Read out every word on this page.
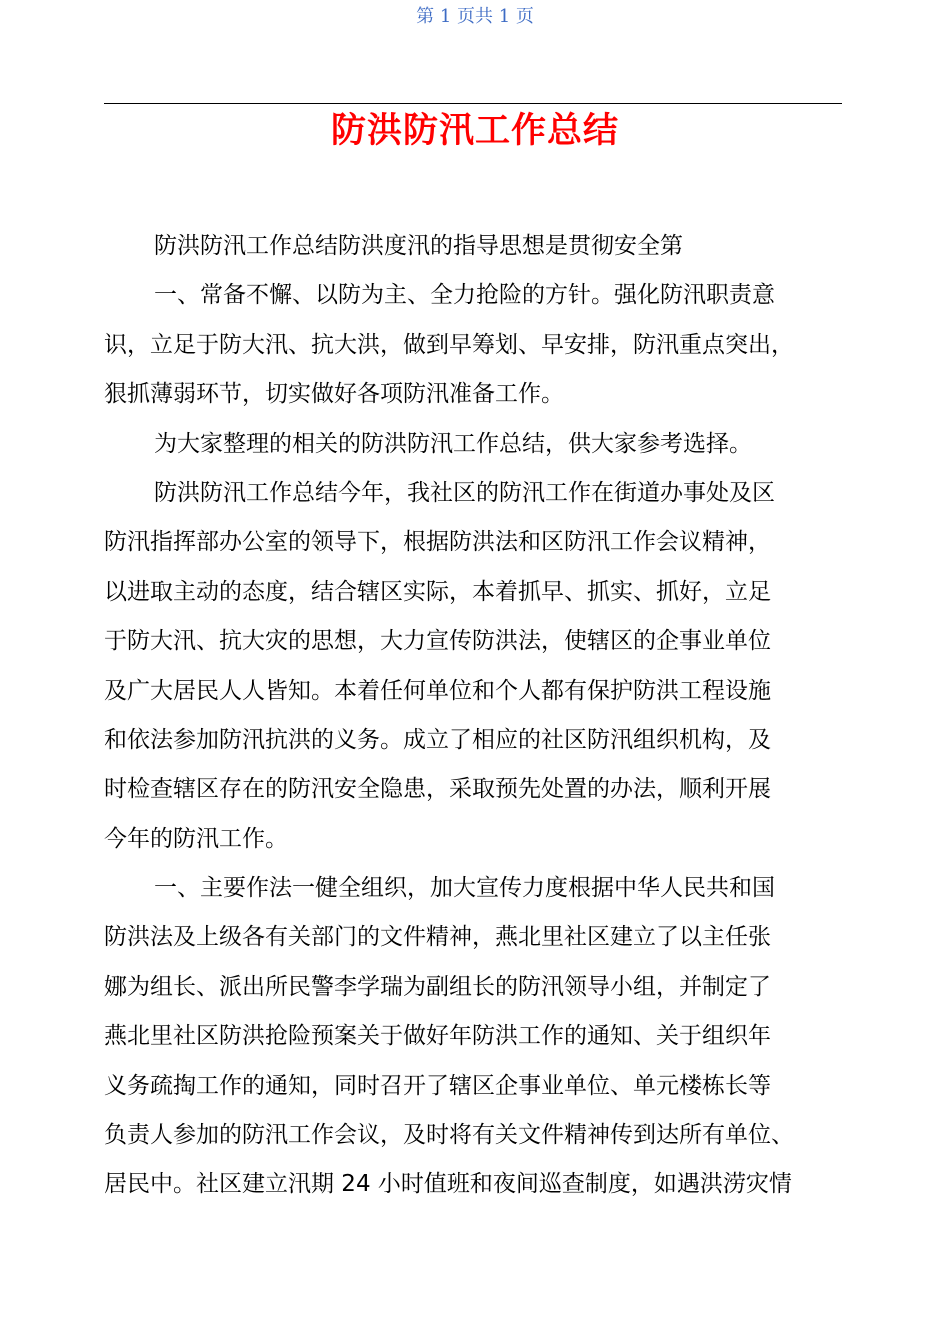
第 1 页共 1 页
防洪防汛工作总结
防洪防汛工作总结防洪度汛的指导思想是贯彻安全第
一、常备不懈、以防为主、全力抢险的方针。强化防汛职责意
识，立足于防大汛、抗大洪，做到早筹划、早安排，防汛重点突出，
狠抓薄弱环节，切实做好各项防汛准备工作。
为大家整理的相关的防洪防汛工作总结，供大家参考选择。
防洪防汛工作总结今年，我社区的防汛工作在街道办事处及区
防汛指挥部办公室的领导下，根据防洪法和区防汛工作会议精神，
以进取主动的态度，结合辖区实际，本着抓早、抓实、抓好，立足
于防大汛、抗大灾的思想，大力宣传防洪法，使辖区的企事业单位
及广大居民人人皆知。本着任何单位和个人都有保护防洪工程设施
和依法参加防汛抗洪的义务。成立了相应的社区防汛组织机构，及
时检查辖区存在的防汛安全隐患，采取预先处置的办法，顺利开展
今年的防汛工作。
一、主要作法一健全组织，加大宣传力度根据中华人民共和国
防洪法及上级各有关部门的文件精神，燕北里社区建立了以主任张
娜为组长、派出所民警李学瑞为副组长的防汛领导小组，并制定了
燕北里社区防洪抢险预案关于做好年防洪工作的通知、关于组织年
义务疏掏工作的通知，同时召开了辖区企事业单位、单元楼栋长等
负责人参加的防汛工作会议，及时将有关文件精神传到达所有单位、
居民中。社区建立汛期 24 小时值班和夜间巡查制度，如遇洪涝灾情
